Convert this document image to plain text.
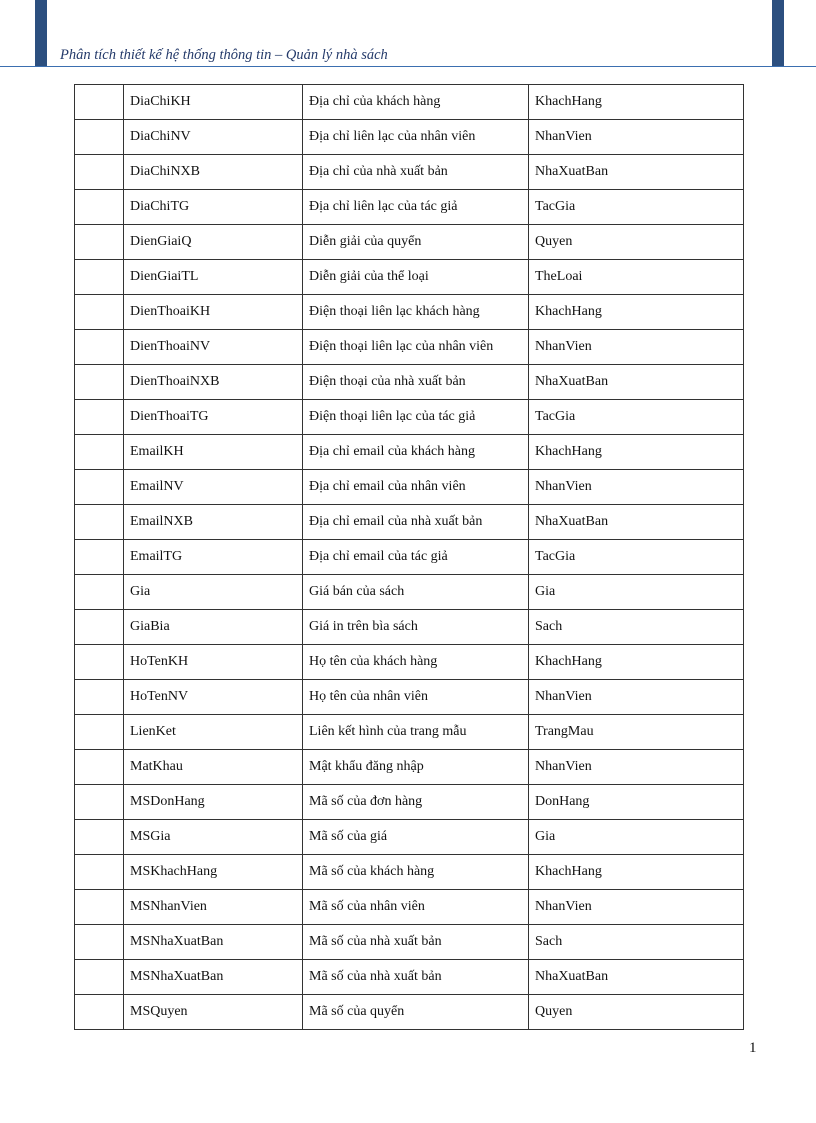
Phân tích thiết kế hệ thống thông tin – Quản lý nhà sách
	DiaChiKH	Địa chỉ của khách hàng	KhachHang
	DiaChiNV	Địa chỉ liên lạc của nhân viên	NhanVien
	DiaChiNXB	Địa chỉ của nhà xuất bản	NhaXuatBan
	DiaChiTG	Địa chỉ liên lạc của tác giả	TacGia
	DienGiaiQ	Diễn giải của quyển	Quyen
	DienGiaiTL	Diễn giải của thể loại	TheLoai
	DienThoaiKH	Điện thoại liên lạc khách hàng	KhachHang
	DienThoaiNV	Điện thoại liên lạc của nhân viên	NhanVien
	DienThoaiNXB	Điện thoại của nhà xuất bản	NhaXuatBan
	DienThoaiTG	Điện thoại liên lạc của tác giả	TacGia
	EmailKH	Địa chỉ email của khách hàng	KhachHang
	EmailNV	Địa chỉ email của nhân viên	NhanVien
	EmailNXB	Địa chỉ email của nhà xuất bản	NhaXuatBan
	EmailTG	Địa chỉ email của tác giả	TacGia
	Gia	Giá bán của sách	Gia
	GiaBia	Giá in trên bìa sách	Sach
	HoTenKH	Họ tên của khách hàng	KhachHang
	HoTenNV	Họ tên của nhân viên	NhanVien
	LienKet	Liên kết hình của trang mẫu	TrangMau
	MatKhau	Mật khẩu đăng nhập	NhanVien
	MSDonHang	Mã số của đơn hàng	DonHang
	MSGia	Mã số của giá	Gia
	MSKhachHang	Mã số của khách hàng	KhachHang
	MSNhanVien	Mã số của nhân viên	NhanVien
	MSNhaXuatBan	Mã số của nhà xuất bản	Sach
	MSNhaXuatBan	Mã số của nhà xuất bản	NhaXuatBan
	MSQuyen	Mã số của quyển	Quyen
1
